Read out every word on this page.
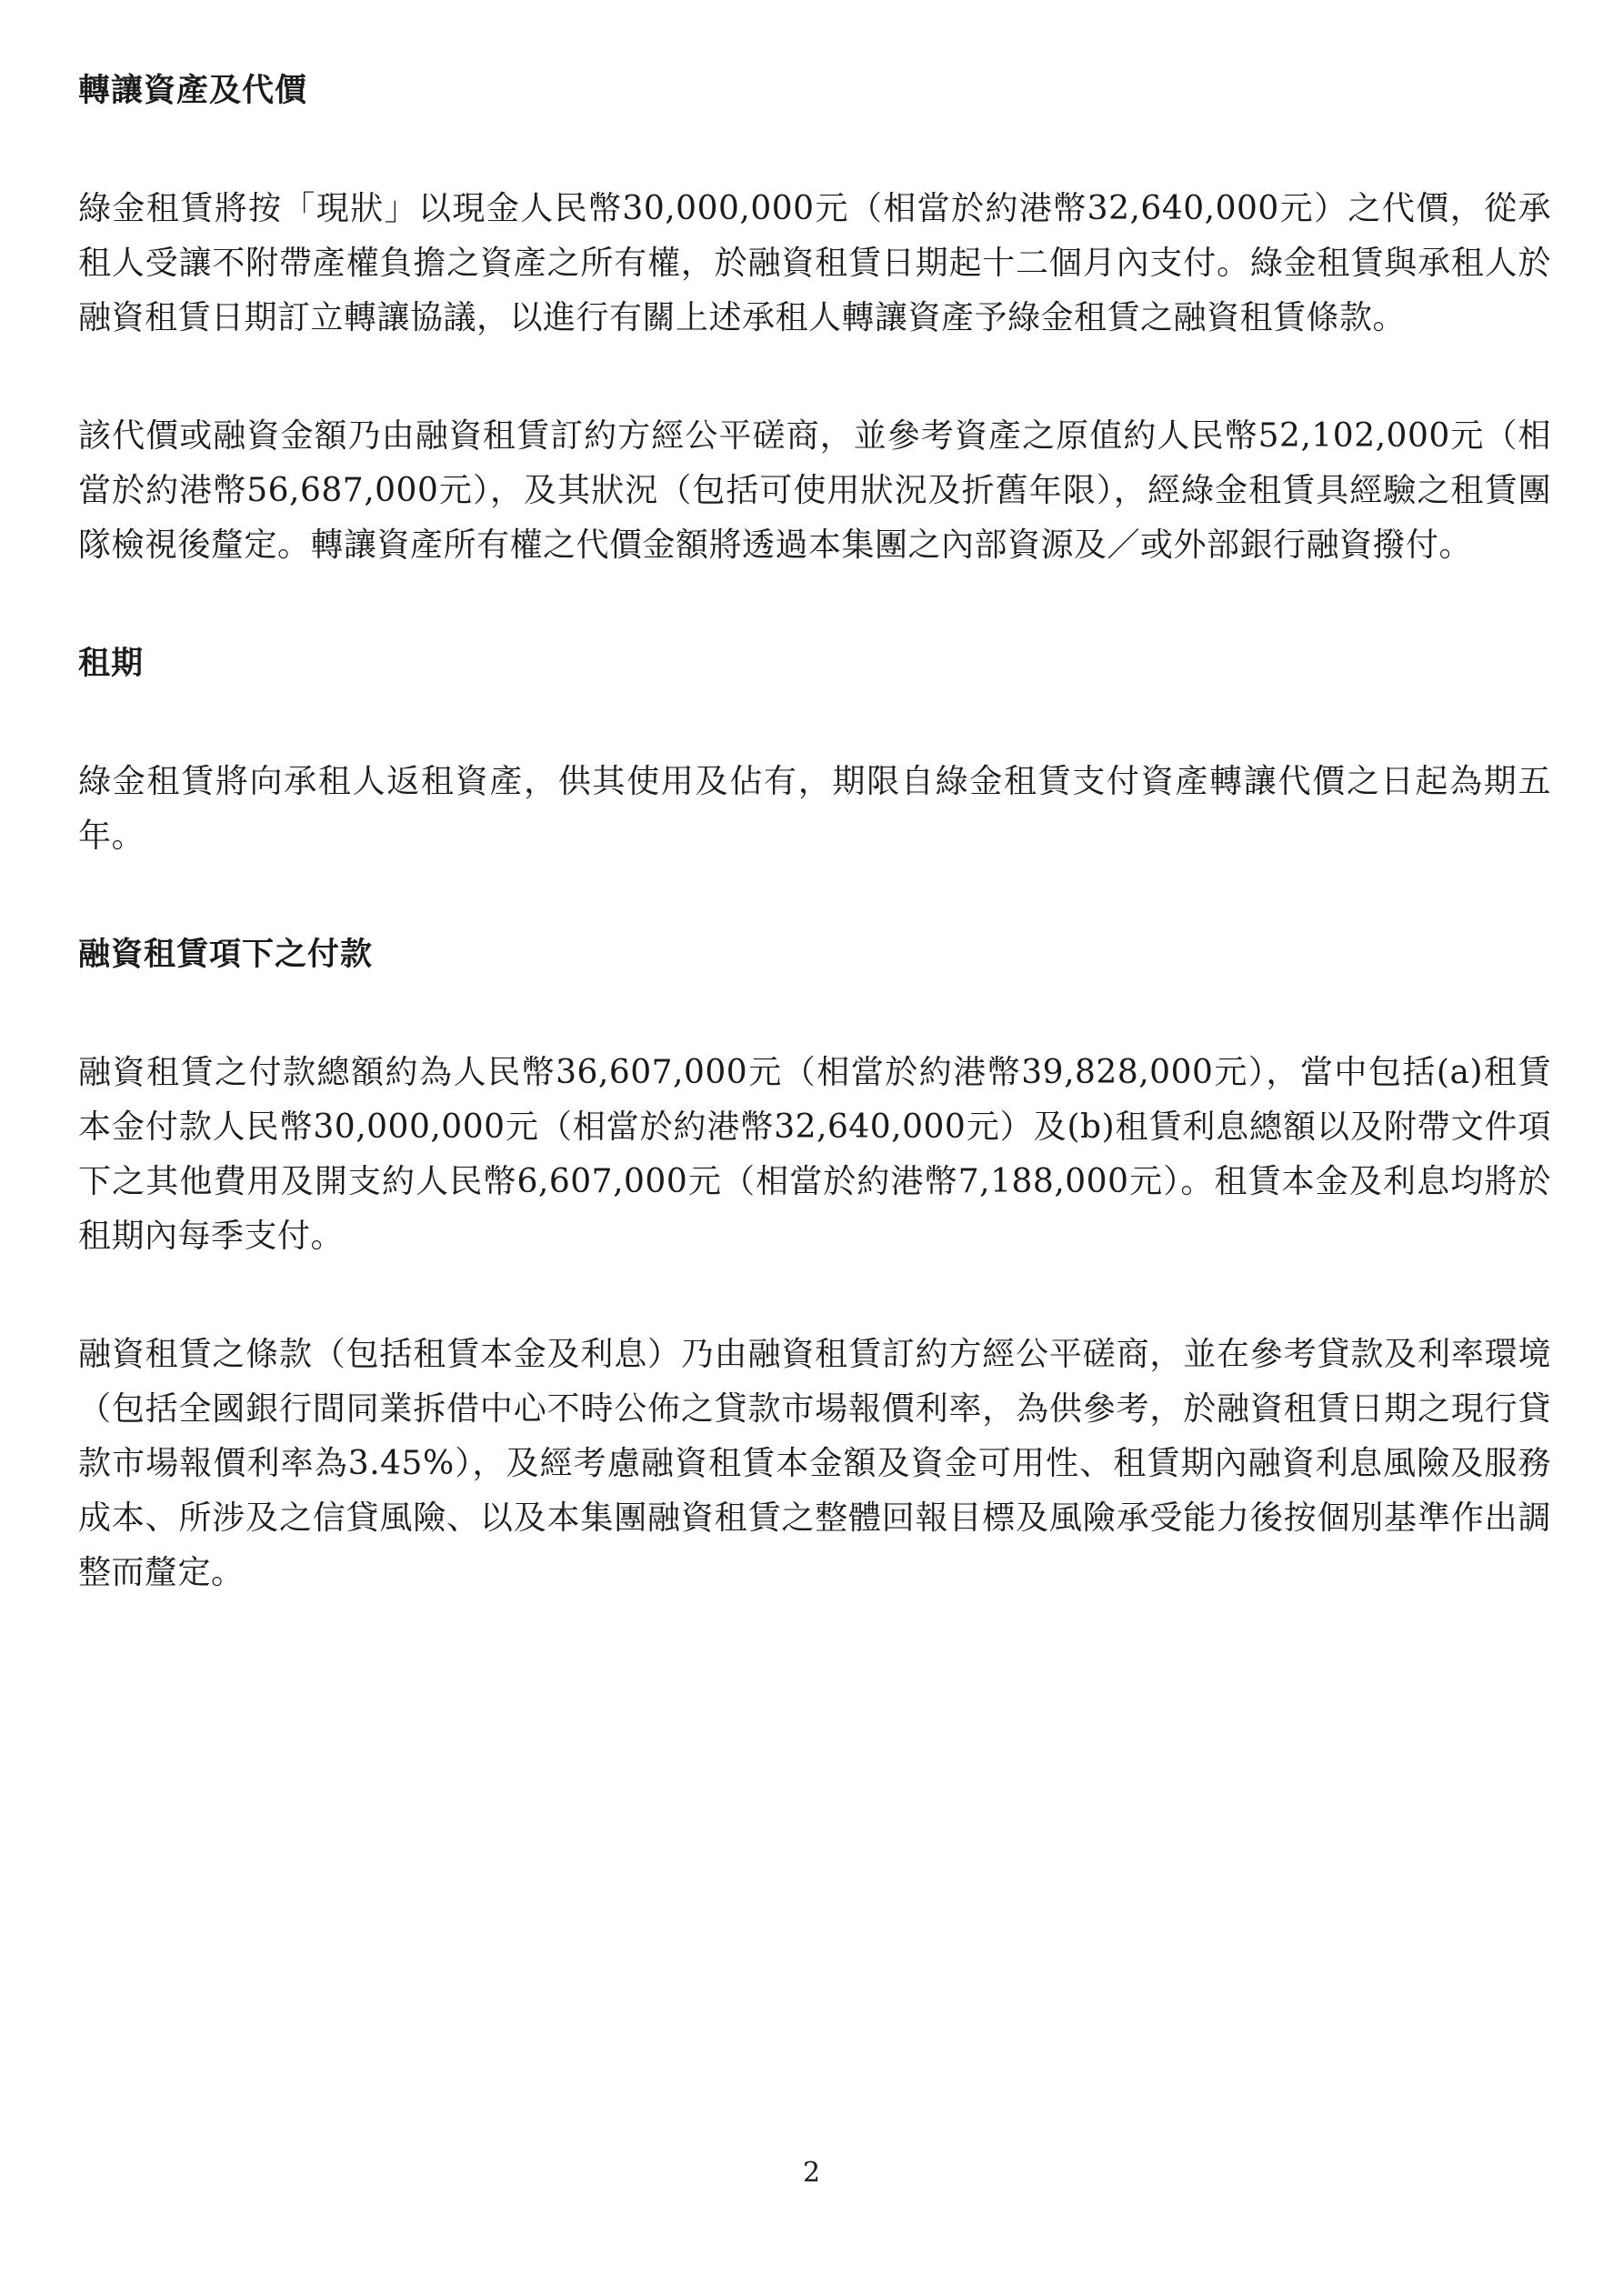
轉讓資產及代價

綠金租賃將按「現狀」以現金人民幣30,000,000元（相當於約港幣32,640,000元）之代價，從承租人受讓不附帶產權負擔之資產之所有權，於融資租賃日期起十二個月內支付。綠金租賃與承租人於融資租賃日期訂立轉讓協議，以進行有關上述承租人轉讓資產予綠金租賃之融資租賃條款。

該代價或融資金額乃由融資租賃訂約方經公平磋商，並參考資產之原值約人民幣52,102,000元（相當於約港幣56,687,000元），及其狀況（包括可使用狀況及折舊年限），經綠金租賃具經驗之租賃團隊檢視後釐定。轉讓資產所有權之代價金額將透過本集團之內部資源及／或外部銀行融資撥付。

租期

綠金租賃將向承租人返租資產，供其使用及佔有，期限自綠金租賃支付資產轉讓代價之日起為期五年。

融資租賃項下之付款

融資租賃之付款總額約為人民幣36,607,000元（相當於約港幣39,828,000元），當中包括(a)租賃本金付款人民幣30,000,000元（相當於約港幣32,640,000元）及(b)租賃利息總額以及附帶文件項下之其他費用及開支約人民幣6,607,000元（相當於約港幣7,188,000元）。租賃本金及利息均將於租期內每季支付。

融資租賃之條款（包括租賃本金及利息）乃由融資租賃訂約方經公平磋商，並在參考貸款及利率環境（包括全國銀行間同業拆借中心不時公佈之貸款市場報價利率，為供參考，於融資租賃日期之現行貸款市場報價利率為3.45%），及經考慮融資租賃本金額及資金可用性、租賃期內融資利息風險及服務成本、所涉及之信貸風險、以及本集團融資租賃之整體回報目標及風險承受能力後按個別基準作出調整而釐定。

2
